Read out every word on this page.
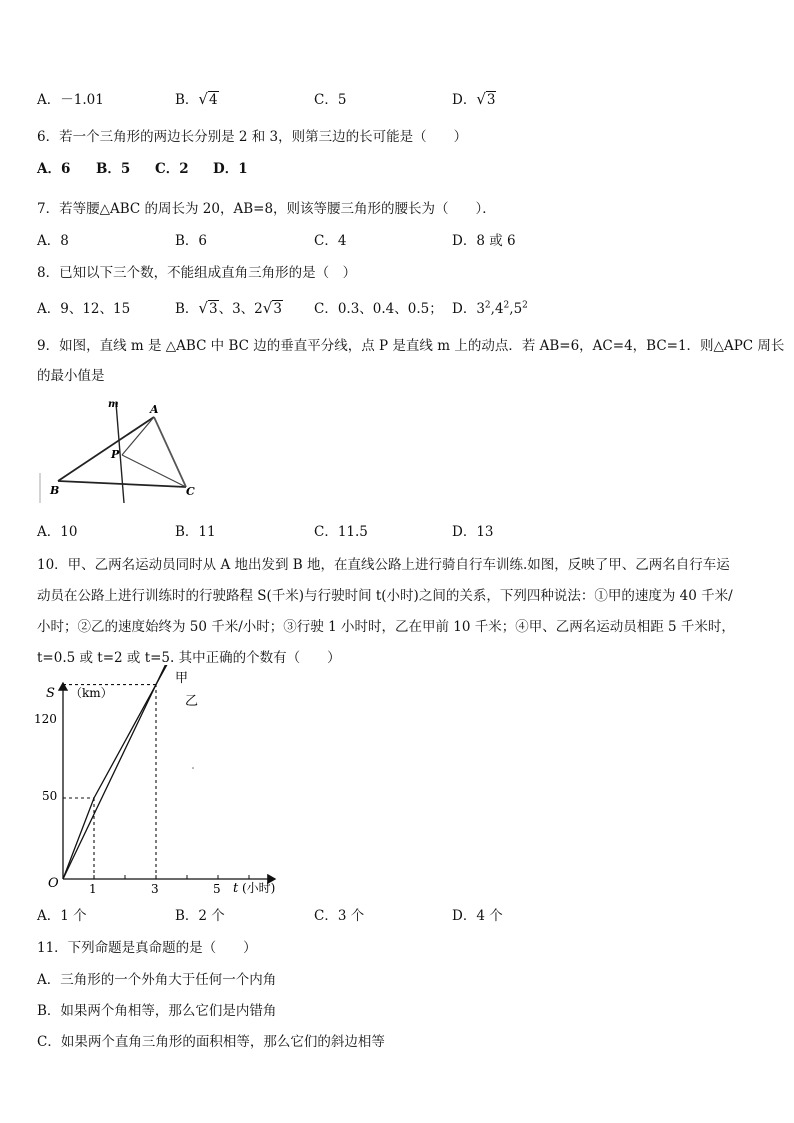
A．－1.01	B．√4	C．5	D．√3
6．若一个三角形的两边长分别是 2 和 3，则第三边的长可能是（　　）
A．6 B．5 C．2 D．1
7．若等腰△ABC 的周长为 20，AB=8，则该等腰三角形的腰长为（　　）．
A．8	B．6	C．4	D．8 或 6
8．已知以下三个数，不能组成直角三角形的是（　）
A．9、12、15	B．√3、3、2√3 C．0.3、0.4、0.5； D．$3^2,4^2,5^2$
9．如图，直线 m 是 △ABC 中 BC 边的垂直平分线，点 P 是直线 m 上的动点．若 AB=6，AC=4，BC=1．则△APC 周长
的最小值是
m	A
P
B	C
A．10	B．11	C．11.5	D．13
10．甲、乙两名运动员同时从 A 地出发到 B 地，在直线公路上进行骑自行车训练.如图，反映了甲、乙两名自行车运
动员在公路上进行训练时的行驶路程 S(千米)与行驶时间 t(小时)之间的关系，下列四种说法：①甲的速度为 40 千米/
小时；②乙的速度始终为 50 千米/小时；③行驶 1 小时时，乙在甲前 10 千米；④甲、乙两名运动员相距 5 千米时，
t=0.5 或 t=2 或 t=5. 其中正确的个数有（　　）
S （km）
t (小时)
O
120
50
1	3	5
甲
乙
A．1 个	B．2 个	C．3 个	D．4 个
11．下列命题是真命题的是（　　）
A．三角形的一个外角大于任何一个内角
B．如果两个角相等，那么它们是内错角
C．如果两个直角三角形的面积相等，那么它们的斜边相等
